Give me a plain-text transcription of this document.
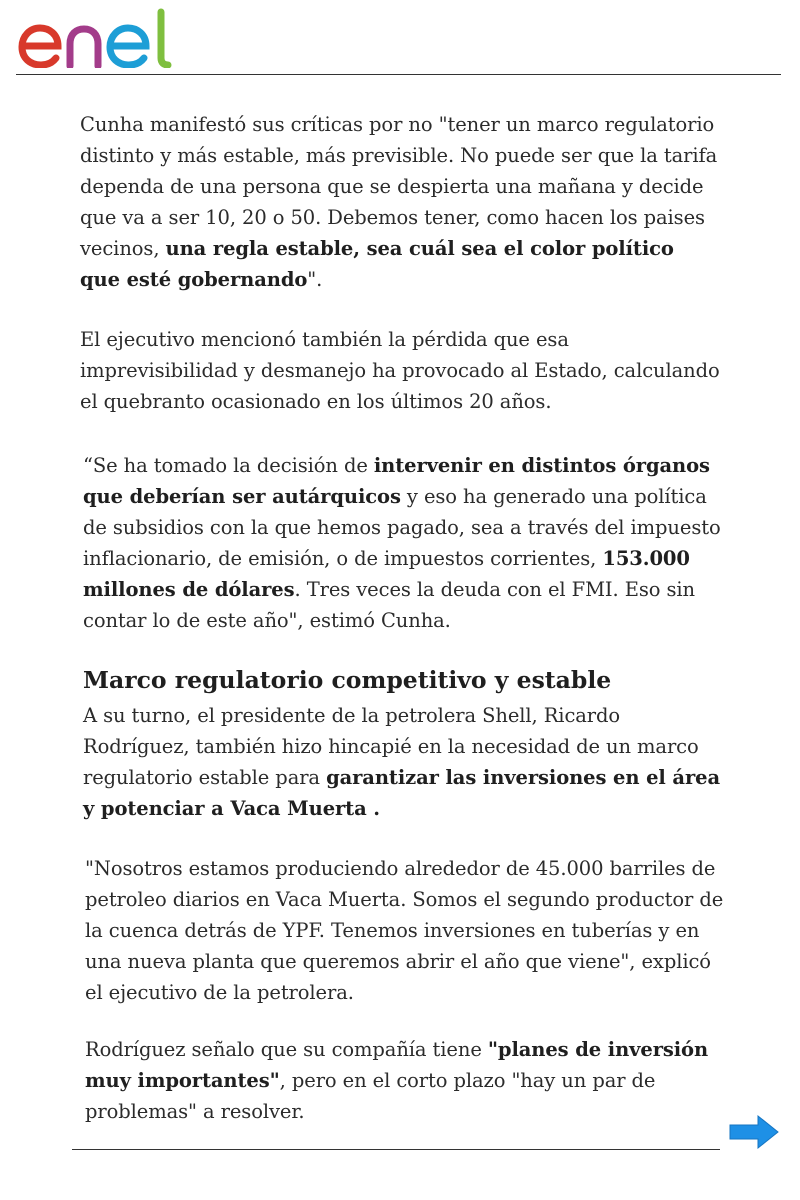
Cunha manifestó sus críticas por no "tener un marco regulatorio distinto y más estable, más previsible. No puede ser que la tarifa dependa de una persona que se despierta una mañana y decide que va a ser 10, 20 o 50. Debemos tener, como hacen los paises vecinos, una regla estable, sea cuál sea el color político que esté gobernando".

El ejecutivo mencionó también la pérdida que esa imprevisibilidad y desmanejo ha provocado al Estado, calculando el quebranto ocasionado en los últimos 20 años.

“Se ha tomado la decisión de intervenir en distintos órganos que deberían ser autárquicos y eso ha generado una política de subsidios con la que hemos pagado, sea a través del impuesto inflacionario, de emisión, o de impuestos corrientes, 153.000 millones de dólares. Tres veces la deuda con el FMI. Eso sin contar lo de este año", estimó Cunha.

Marco regulatorio competitivo y estable

A su turno, el presidente de la petrolera Shell, Ricardo Rodríguez, también hizo hincapié en la necesidad de un marco regulatorio estable para garantizar las inversiones en el área y potenciar a Vaca Muerta .

"Nosotros estamos produciendo alrededor de 45.000 barriles de petroleo diarios en Vaca Muerta. Somos el segundo productor de la cuenca detrás de YPF. Tenemos inversiones en tuberías y en una nueva planta que queremos abrir el año que viene", explicó el ejecutivo de la petrolera.

Rodríguez señalo que su compañía tiene "planes de inversión muy importantes", pero en el corto plazo "hay un par de problemas" a resolver.
